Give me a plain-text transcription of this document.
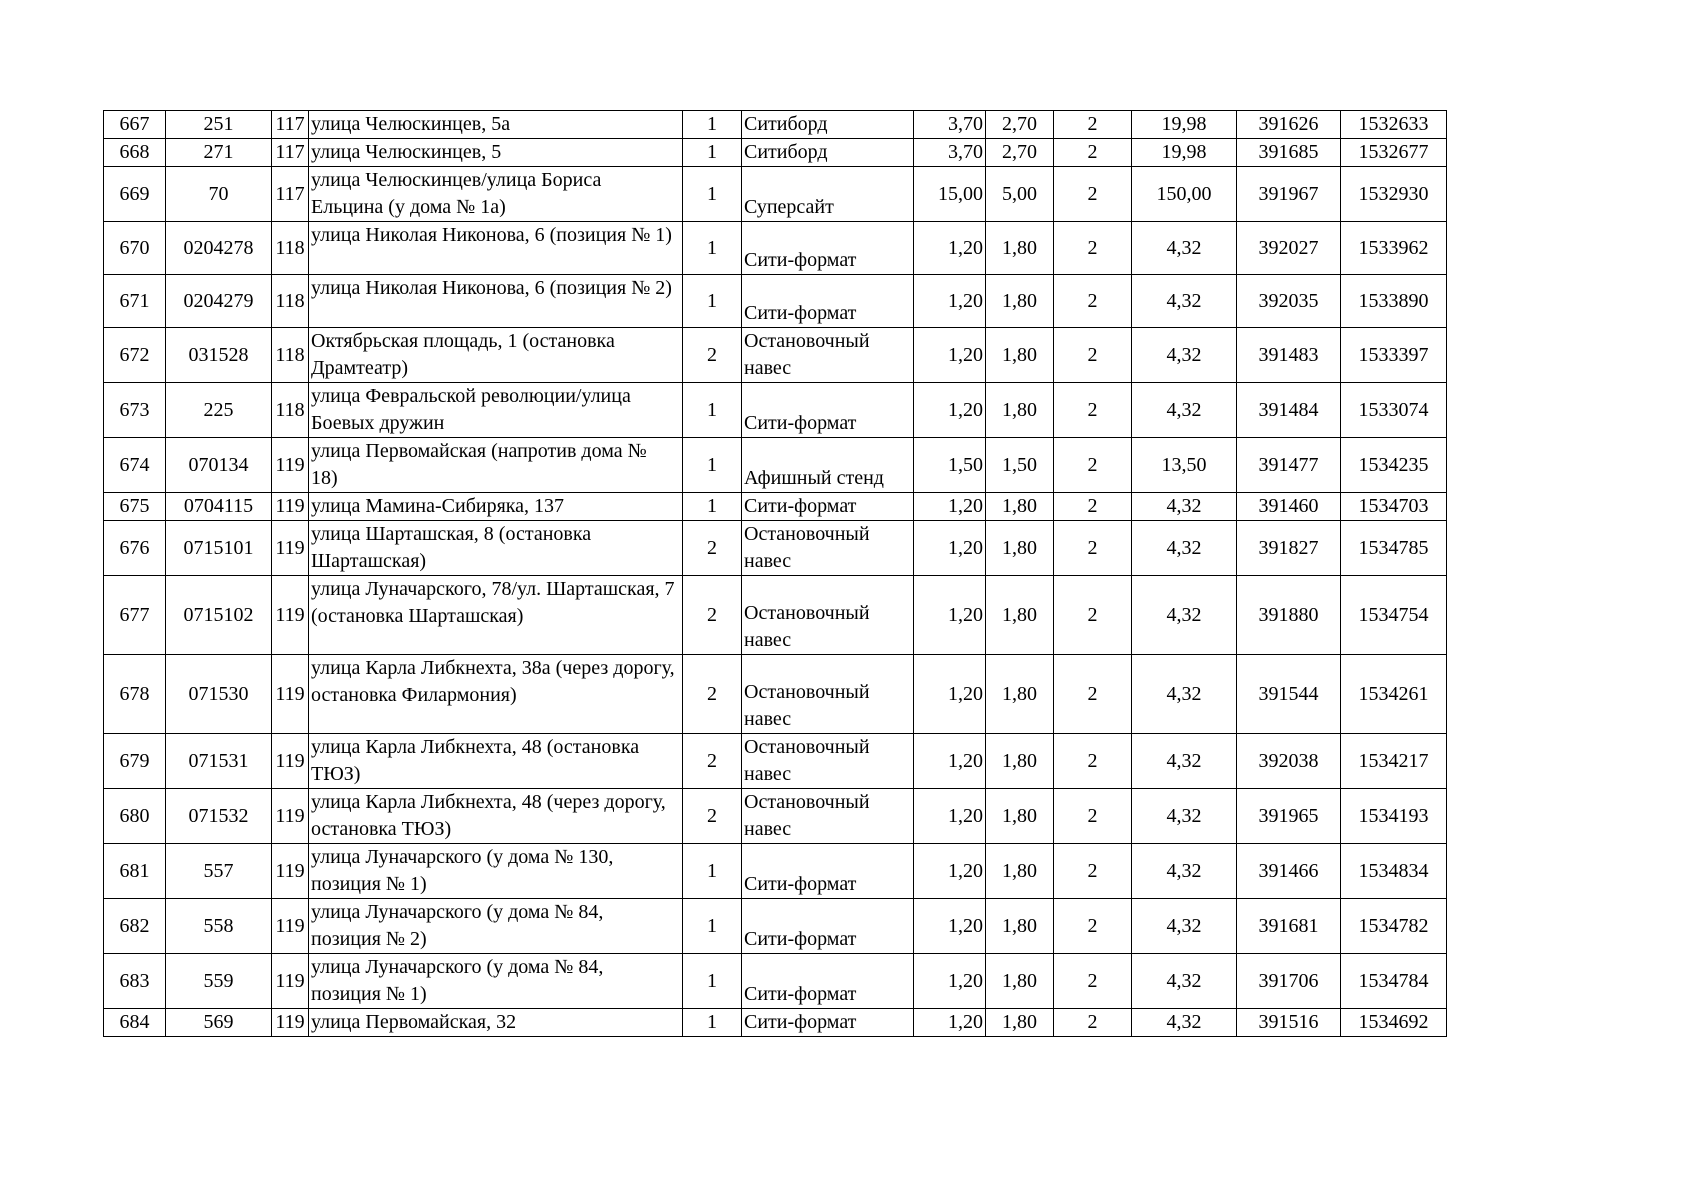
667	251	117	улица Челюскинцев, 5а	1	Ситиборд	3,70	2,70	2	19,98	391626	1532633
668	271	117	улица Челюскинцев, 5	1	Ситиборд	3,70	2,70	2	19,98	391685	1532677
669	70	117	улица Челюскинцев/улица Бориса Ельцина (у дома № 1а)	1	Суперсайт	15,00	5,00	2	150,00	391967	1532930
670	0204278	118	улица Николая Никонова, 6 (позиция № 1)	1	Сити-формат	1,20	1,80	2	4,32	392027	1533962
671	0204279	118	улица Николая Никонова, 6 (позиция № 2)	1	Сити-формат	1,20	1,80	2	4,32	392035	1533890
672	031528	118	Октябрьская площадь, 1 (остановка Драмтеатр)	2	Остановочный навес	1,20	1,80	2	4,32	391483	1533397
673	225	118	улица Февральской революции/улица Боевых дружин	1	Сити-формат	1,20	1,80	2	4,32	391484	1533074
674	070134	119	улица Первомайская (напротив дома № 18)	1	Афишный стенд	1,50	1,50	2	13,50	391477	1534235
675	0704115	119	улица Мамина-Сибиряка, 137	1	Сити-формат	1,20	1,80	2	4,32	391460	1534703
676	0715101	119	улица Шарташская, 8 (остановка Шарташская)	2	Остановочный навес	1,20	1,80	2	4,32	391827	1534785
677	0715102	119	улица Луначарского, 78/ул. Шарташская, 7 (остановка Шарташская)	2	Остановочный навес	1,20	1,80	2	4,32	391880	1534754
678	071530	119	улица Карла Либкнехта, 38а (через дорогу, остановка Филармония)	2	Остановочный навес	1,20	1,80	2	4,32	391544	1534261
679	071531	119	улица Карла Либкнехта, 48 (остановка ТЮЗ)	2	Остановочный навес	1,20	1,80	2	4,32	392038	1534217
680	071532	119	улица Карла Либкнехта, 48 (через дорогу, остановка ТЮЗ)	2	Остановочный навес	1,20	1,80	2	4,32	391965	1534193
681	557	119	улица Луначарского (у дома № 130, позиция № 1)	1	Сити-формат	1,20	1,80	2	4,32	391466	1534834
682	558	119	улица Луначарского (у дома № 84, позиция № 2)	1	Сити-формат	1,20	1,80	2	4,32	391681	1534782
683	559	119	улица Луначарского (у дома № 84, позиция № 1)	1	Сити-формат	1,20	1,80	2	4,32	391706	1534784
684	569	119	улица Первомайская, 32	1	Сити-формат	1,20	1,80	2	4,32	391516	1534692
